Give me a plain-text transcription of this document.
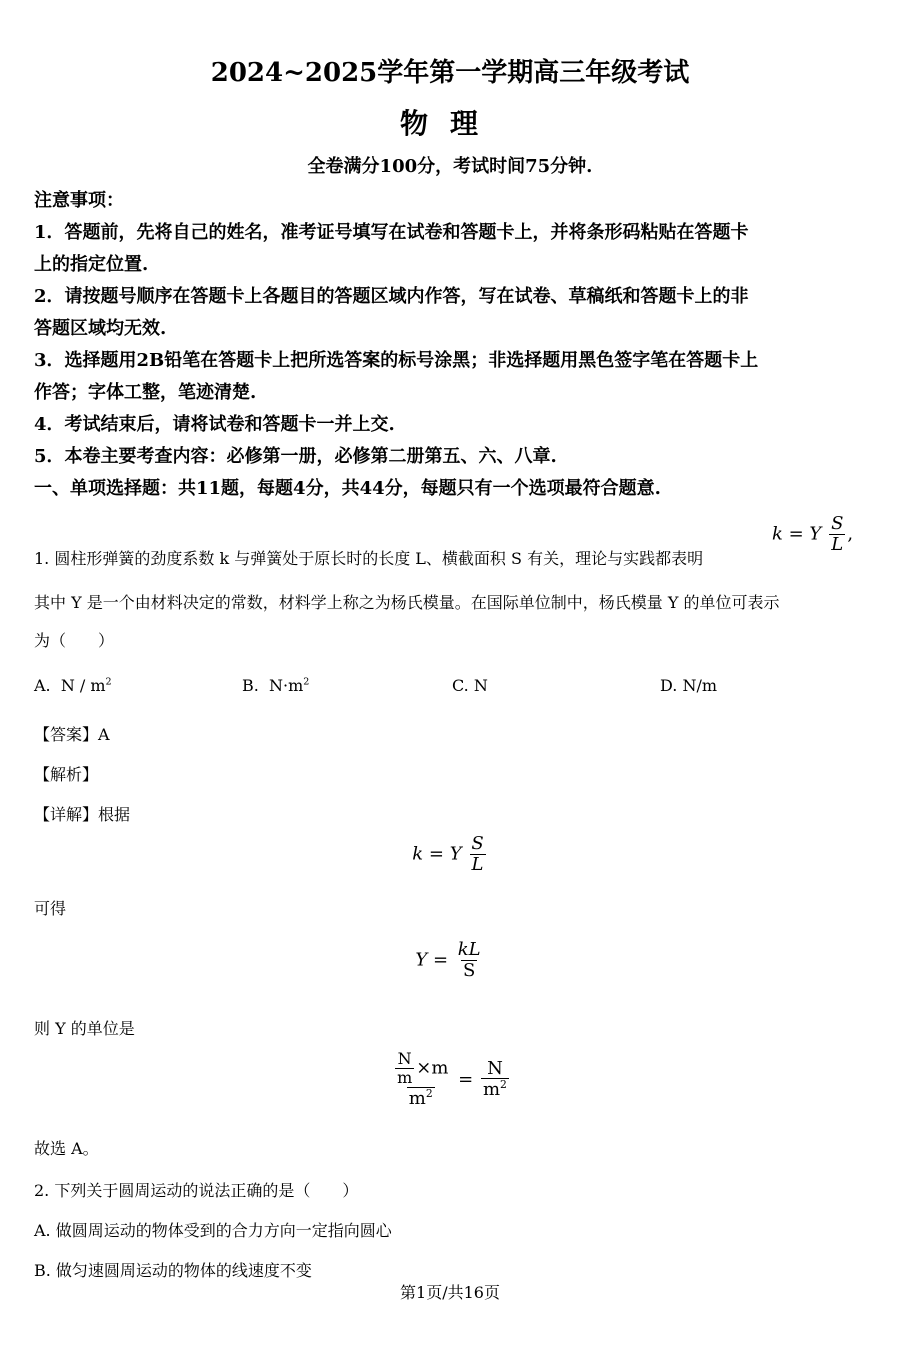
2024~2025学年第一学期高三年级考试
物理
全卷满分100分，考试时间75分钟.
注意事项：
1．答题前，先将自己的姓名，准考证号填写在试卷和答题卡上，并将条形码粘贴在答题卡
上的指定位置.
2．请按题号顺序在答题卡上各题目的答题区域内作答，写在试卷、草稿纸和答题卡上的非
答题区域均无效.
3．选择题用2B铅笔在答题卡上把所选答案的标号涂黑；非选择题用黑色签字笔在答题卡上
作答；字体工整，笔迹清楚.
4．考试结束后，请将试卷和答题卡一并上交.
5．本卷主要考查内容：必修第一册，必修第二册第五、六、八章.
一、单项选择题：共11题，每题4分，共44分，每题只有一个选项最符合题意.
1. 圆柱形弹簧的劲度系数 k 与弹簧处于原长时的长度 L、横截面积 S 有关，理论与实践都表明
k = Y $\frac{S}{L}$ ,
其中 Y 是一个由材料决定的常数，材料学上称之为杨氏模量。在国际单位制中，杨氏模量 Y 的单位可表示
为（　　）
A. N / $m^2$	B. $N\cdot m^2$	C. N	D. N/m
【答案】A
【解析】
【详解】根据
k = Y $\frac{S}{L}$
可得
$Y = \frac{kL}{S}$
则 Y 的单位是
$\frac{\frac{N}{m} \times m}{m^2} = \frac{N}{m^2}$
故选 A。
2. 下列关于圆周运动的说法正确的是（　　）
A. 做圆周运动的物体受到的合力方向一定指向圆心
B. 做匀速圆周运动的物体的线速度不变
第1页/共16页
